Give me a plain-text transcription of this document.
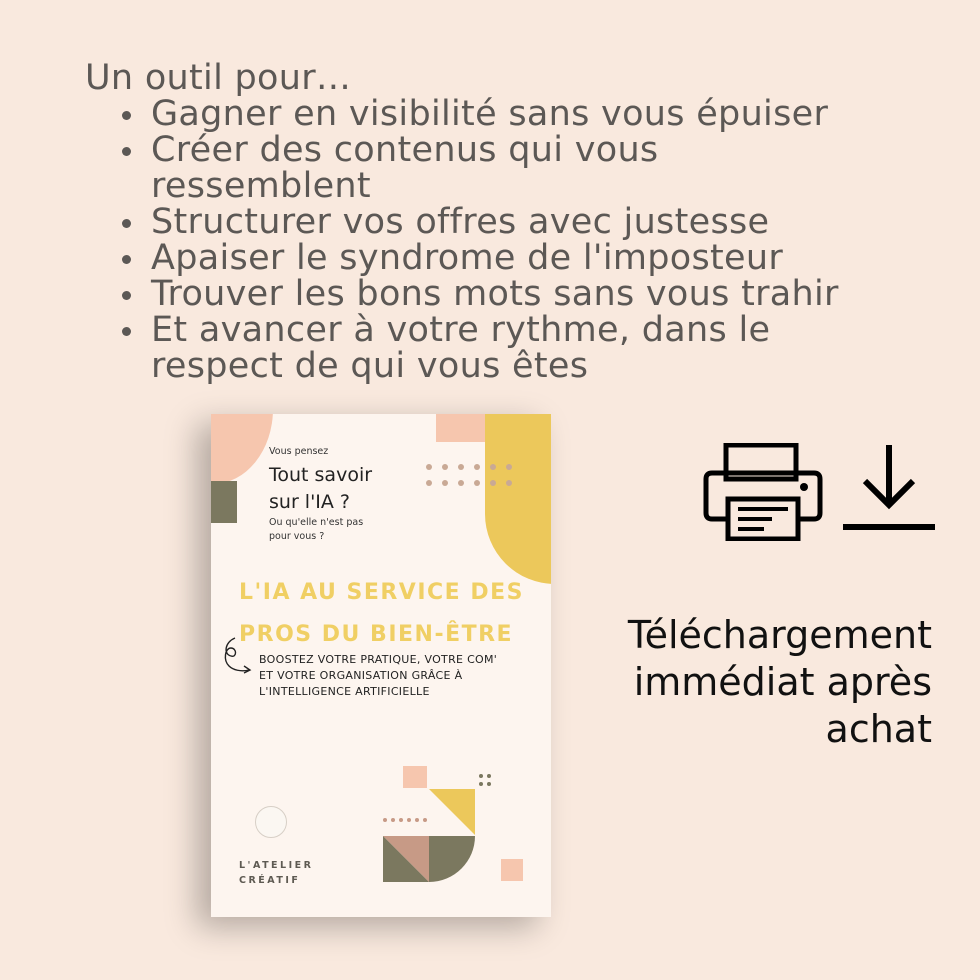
Un outil pour…
Gagner en visibilité sans vous épuiser
Créer des contenus qui vous ressemblent
Structurer vos offres avec justesse
Apaiser le syndrome de l'imposteur
Trouver les bons mots sans vous trahir
Et avancer à votre rythme, dans le respect de qui vous êtes
Vous pensez
Tout savoir
sur l'IA ?
Ou qu'elle n'est pas
pour vous ?
L'IA AU SERVICE DES
PROS DU BIEN-ÊTRE
BOOSTEZ VOTRE PRATIQUE, VOTRE COM'
ET VOTRE ORGANISATION GRÂCE À
L'INTELLIGENCE ARTIFICIELLE
L'ATELIER
CRÉATIF
Téléchargement
immédiat après
achat
